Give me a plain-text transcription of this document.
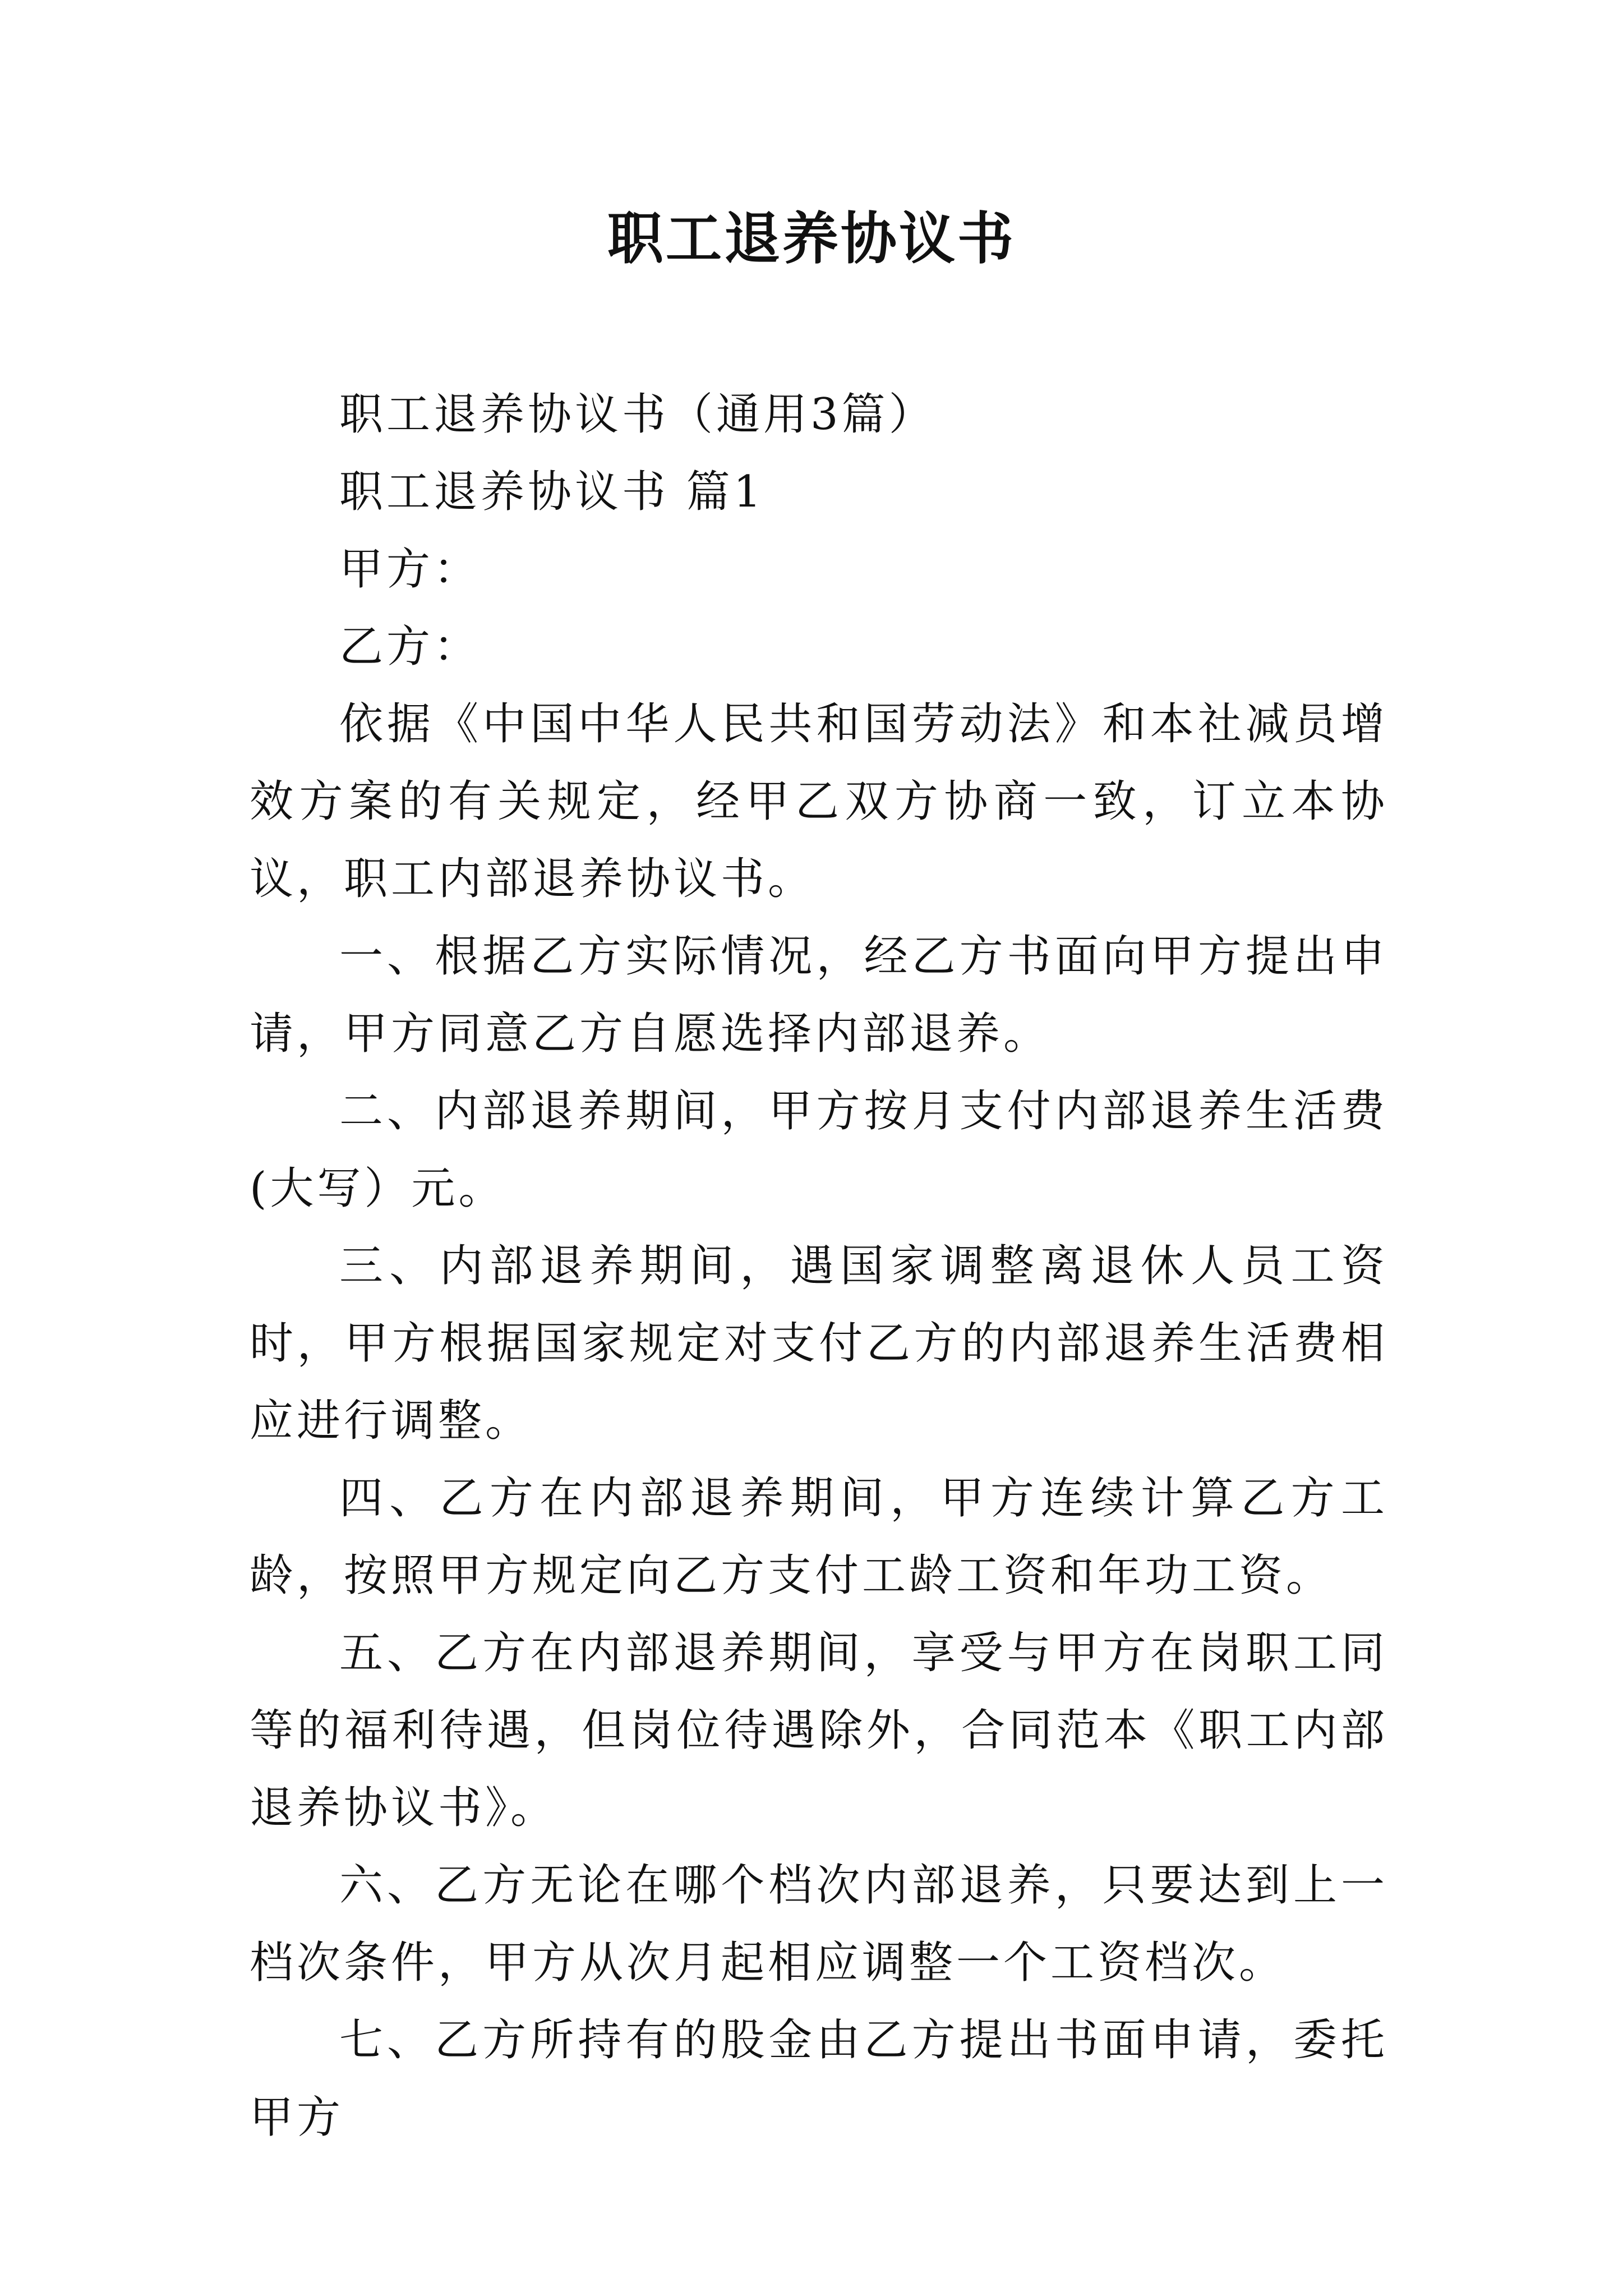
职工退养协议书

职工退养协议书（通用3篇）

职工退养协议书 篇1

甲方：

乙方：

依据《中国中华人民共和国劳动法》和本社减员增效方案的有关规定，经甲乙双方协商一致，订立本协议，职工内部退养协议书。

一、根据乙方实际情况，经乙方书面向甲方提出申请，甲方同意乙方自愿选择内部退养。

二、内部退养期间，甲方按月支付内部退养生活费(大写）元。

三、内部退养期间，遇国家调整离退休人员工资时，甲方根据国家规定对支付乙方的内部退养生活费相应进行调整。

四、乙方在内部退养期间，甲方连续计算乙方工龄，按照甲方规定向乙方支付工龄工资和年功工资。

五、乙方在内部退养期间，享受与甲方在岗职工同等的福利待遇，但岗位待遇除外，合同范本《职工内部退养协议书》。

六、乙方无论在哪个档次内部退养，只要达到上一档次条件，甲方从次月起相应调整一个工资档次。

七、乙方所持有的股金由乙方提出书面申请，委托甲方
